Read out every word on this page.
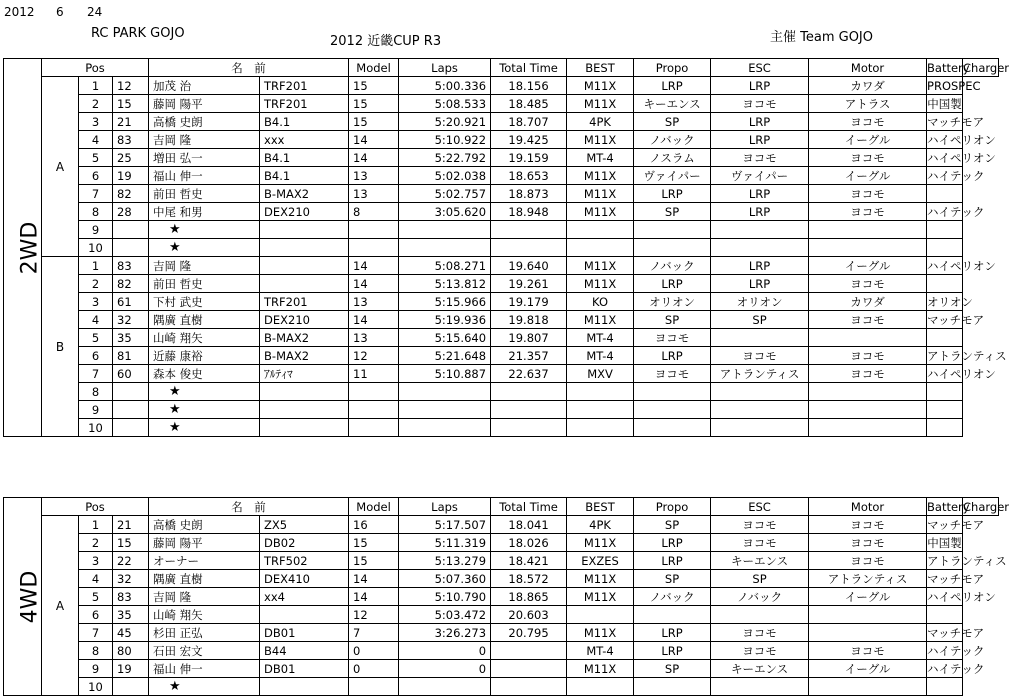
2012 6 24
RC PARK GOJO
2012 近畿CUP R3	主催 Team GOJO
2WD	Pos			名　前		Model	Laps	Total Time	BEST	Propo	ESC	Motor	Battery	Charger
	A	1	12	加茂 治	TRF201	15	5:00.336	18.156	M11X	LRP	LRP	カワダ	PROSPEC	
		2	15	藤岡 陽平	TRF201	15	5:08.533	18.485	M11X	キーエンス	ヨコモ	アトラス	中国製	
		3	21	高橋 史朗	B4.1	15	5:20.921	18.707	4PK	SP	LRP	ヨコモ	マッチモア	
		4	83	吉岡 隆	xxx	14	5:10.922	19.425	M11X	ノバック	LRP	イーグル	ハイペリオン	
		5	25	増田 弘一	B4.1	14	5:22.792	19.159	MT-4	ノスラム	ヨコモ	ヨコモ	ハイペリオン	
		6	19	福山 伸一	B4.1	13	5:02.038	18.653	M11X	ヴァイパー	ヴァイパー	イーグル	ハイテック	
		7	82	前田 哲史	B-MAX2	13	5:02.757	18.873	M11X	LRP	LRP	ヨコモ		
		8	28	中尾 和男	DEX210	8	3:05.620	18.948	M11X	SP	LRP	ヨコモ	ハイテック	
		9		★										
		10		★										
	B	1	83	吉岡 隆		14	5:08.271	19.640	M11X	ノバック	LRP	イーグル	ハイペリオン	
		2	82	前田 哲史		14	5:13.812	19.261	M11X	LRP	LRP	ヨコモ		
		3	61	下村 武史	TRF201	13	5:15.966	19.179	KO	オリオン	オリオン	カワダ	オリオン	
		4	32	隅廣 直樹	DEX210	14	5:19.936	19.818	M11X	SP	SP	ヨコモ	マッチモア	
		5	35	山崎 翔矢	B-MAX2	13	5:15.640	19.807	MT-4	ヨコモ				
		6	81	近藤 康裕	B-MAX2	12	5:21.648	21.357	MT-4	LRP	ヨコモ	ヨコモ	アトランティス	
		7	60	森本 俊史	ｱﾙﾃｨﾏ	11	5:10.887	22.637	MXV	ヨコモ	アトランティス	ヨコモ	ハイペリオン	
		8		★										
		9		★										
		10		★										
4WD	Pos			名　前		Model	Laps	Total Time	BEST	Propo	ESC	Motor	Battery	Charger
	A	1	21	高橋 史朗	ZX5	16	5:17.507	18.041	4PK	SP	ヨコモ	ヨコモ	マッチモア	
		2	15	藤岡 陽平	DB02	15	5:11.319	18.026	M11X	LRP	ヨコモ	ヨコモ	中国製	
		3	22	オーナー	TRF502	15	5:13.279	18.421	EXZES	LRP	キーエンス	ヨコモ	アトランティス	
		4	32	隅廣 直樹	DEX410	14	5:07.360	18.572	M11X	SP	SP	アトランティス	マッチモア	
		5	83	吉岡 隆	xx4	14	5:10.790	18.865	M11X	ノバック	ノバック	イーグル	ハイペリオン	
		6	35	山崎 翔矢		12	5:03.472	20.603						
		7	45	杉田 正弘	DB01	7	3:26.273	20.795	M11X	LRP	ヨコモ		マッチモア	
		8	80	石田 宏文	B44	0	0		MT-4	LRP	ヨコモ	ヨコモ	ハイテック	
		9	19	福山 伸一	DB01	0	0		M11X	SP	キーエンス	イーグル	ハイテック	
		10		★										
